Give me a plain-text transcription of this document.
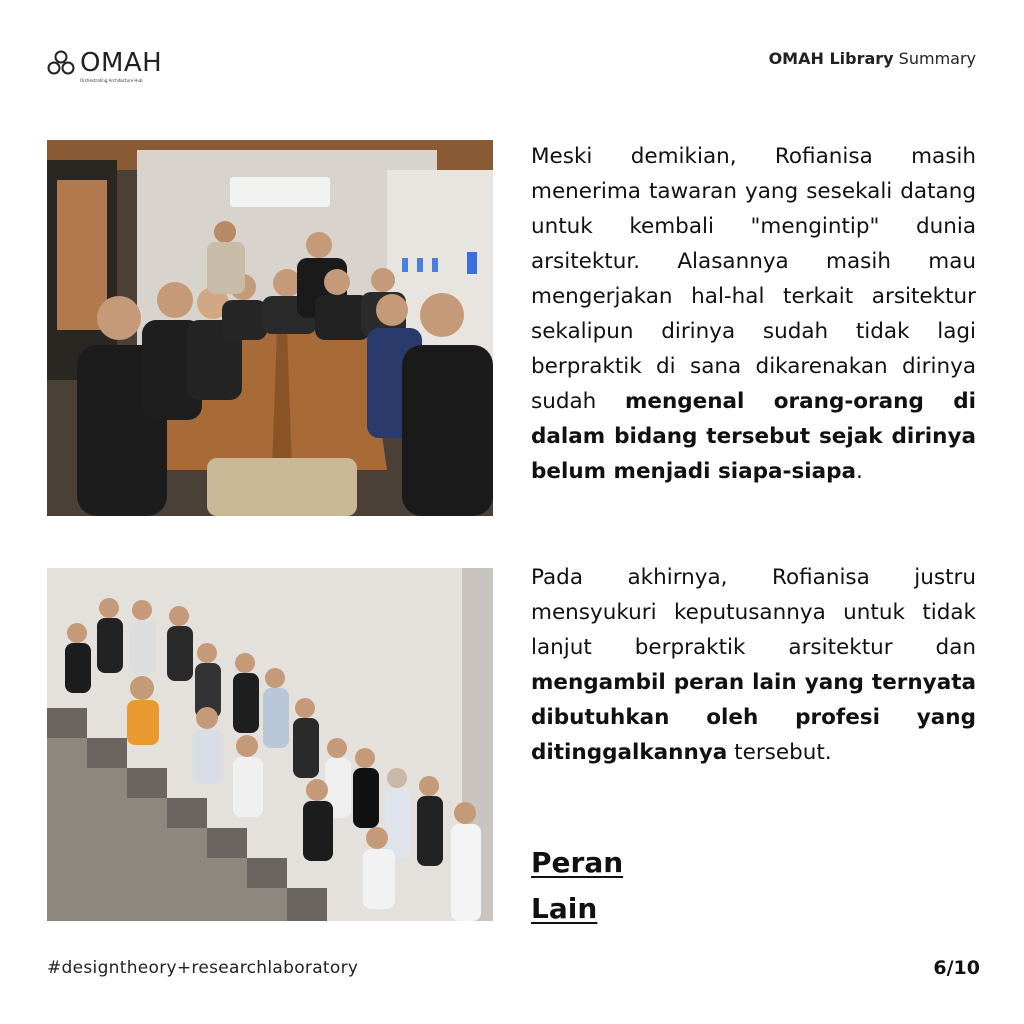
OMAH
Orchestrating Architecture Hub
OMAH Library Summary
Meski demikian, Rofianisa masih menerima tawaran yang sesekali datang untuk kembali "mengintip" dunia arsitektur. Alasannya masih mau mengerjakan hal-hal terkait arsitektur sekalipun dirinya sudah tidak lagi berpraktik di sana dikarenakan dirinya sudah mengenal orang-orang di dalam bidang tersebut sejak dirinya belum menjadi siapa-siapa.
Pada akhirnya, Rofianisa justru mensyukuri keputusannya untuk tidak lanjut berpraktik arsitektur dan mengambil peran lain yang ternyata dibutuhkan oleh profesi yang ditinggalkannya tersebut.
Peran
Lain
#designtheory+researchlaboratory	6/10
